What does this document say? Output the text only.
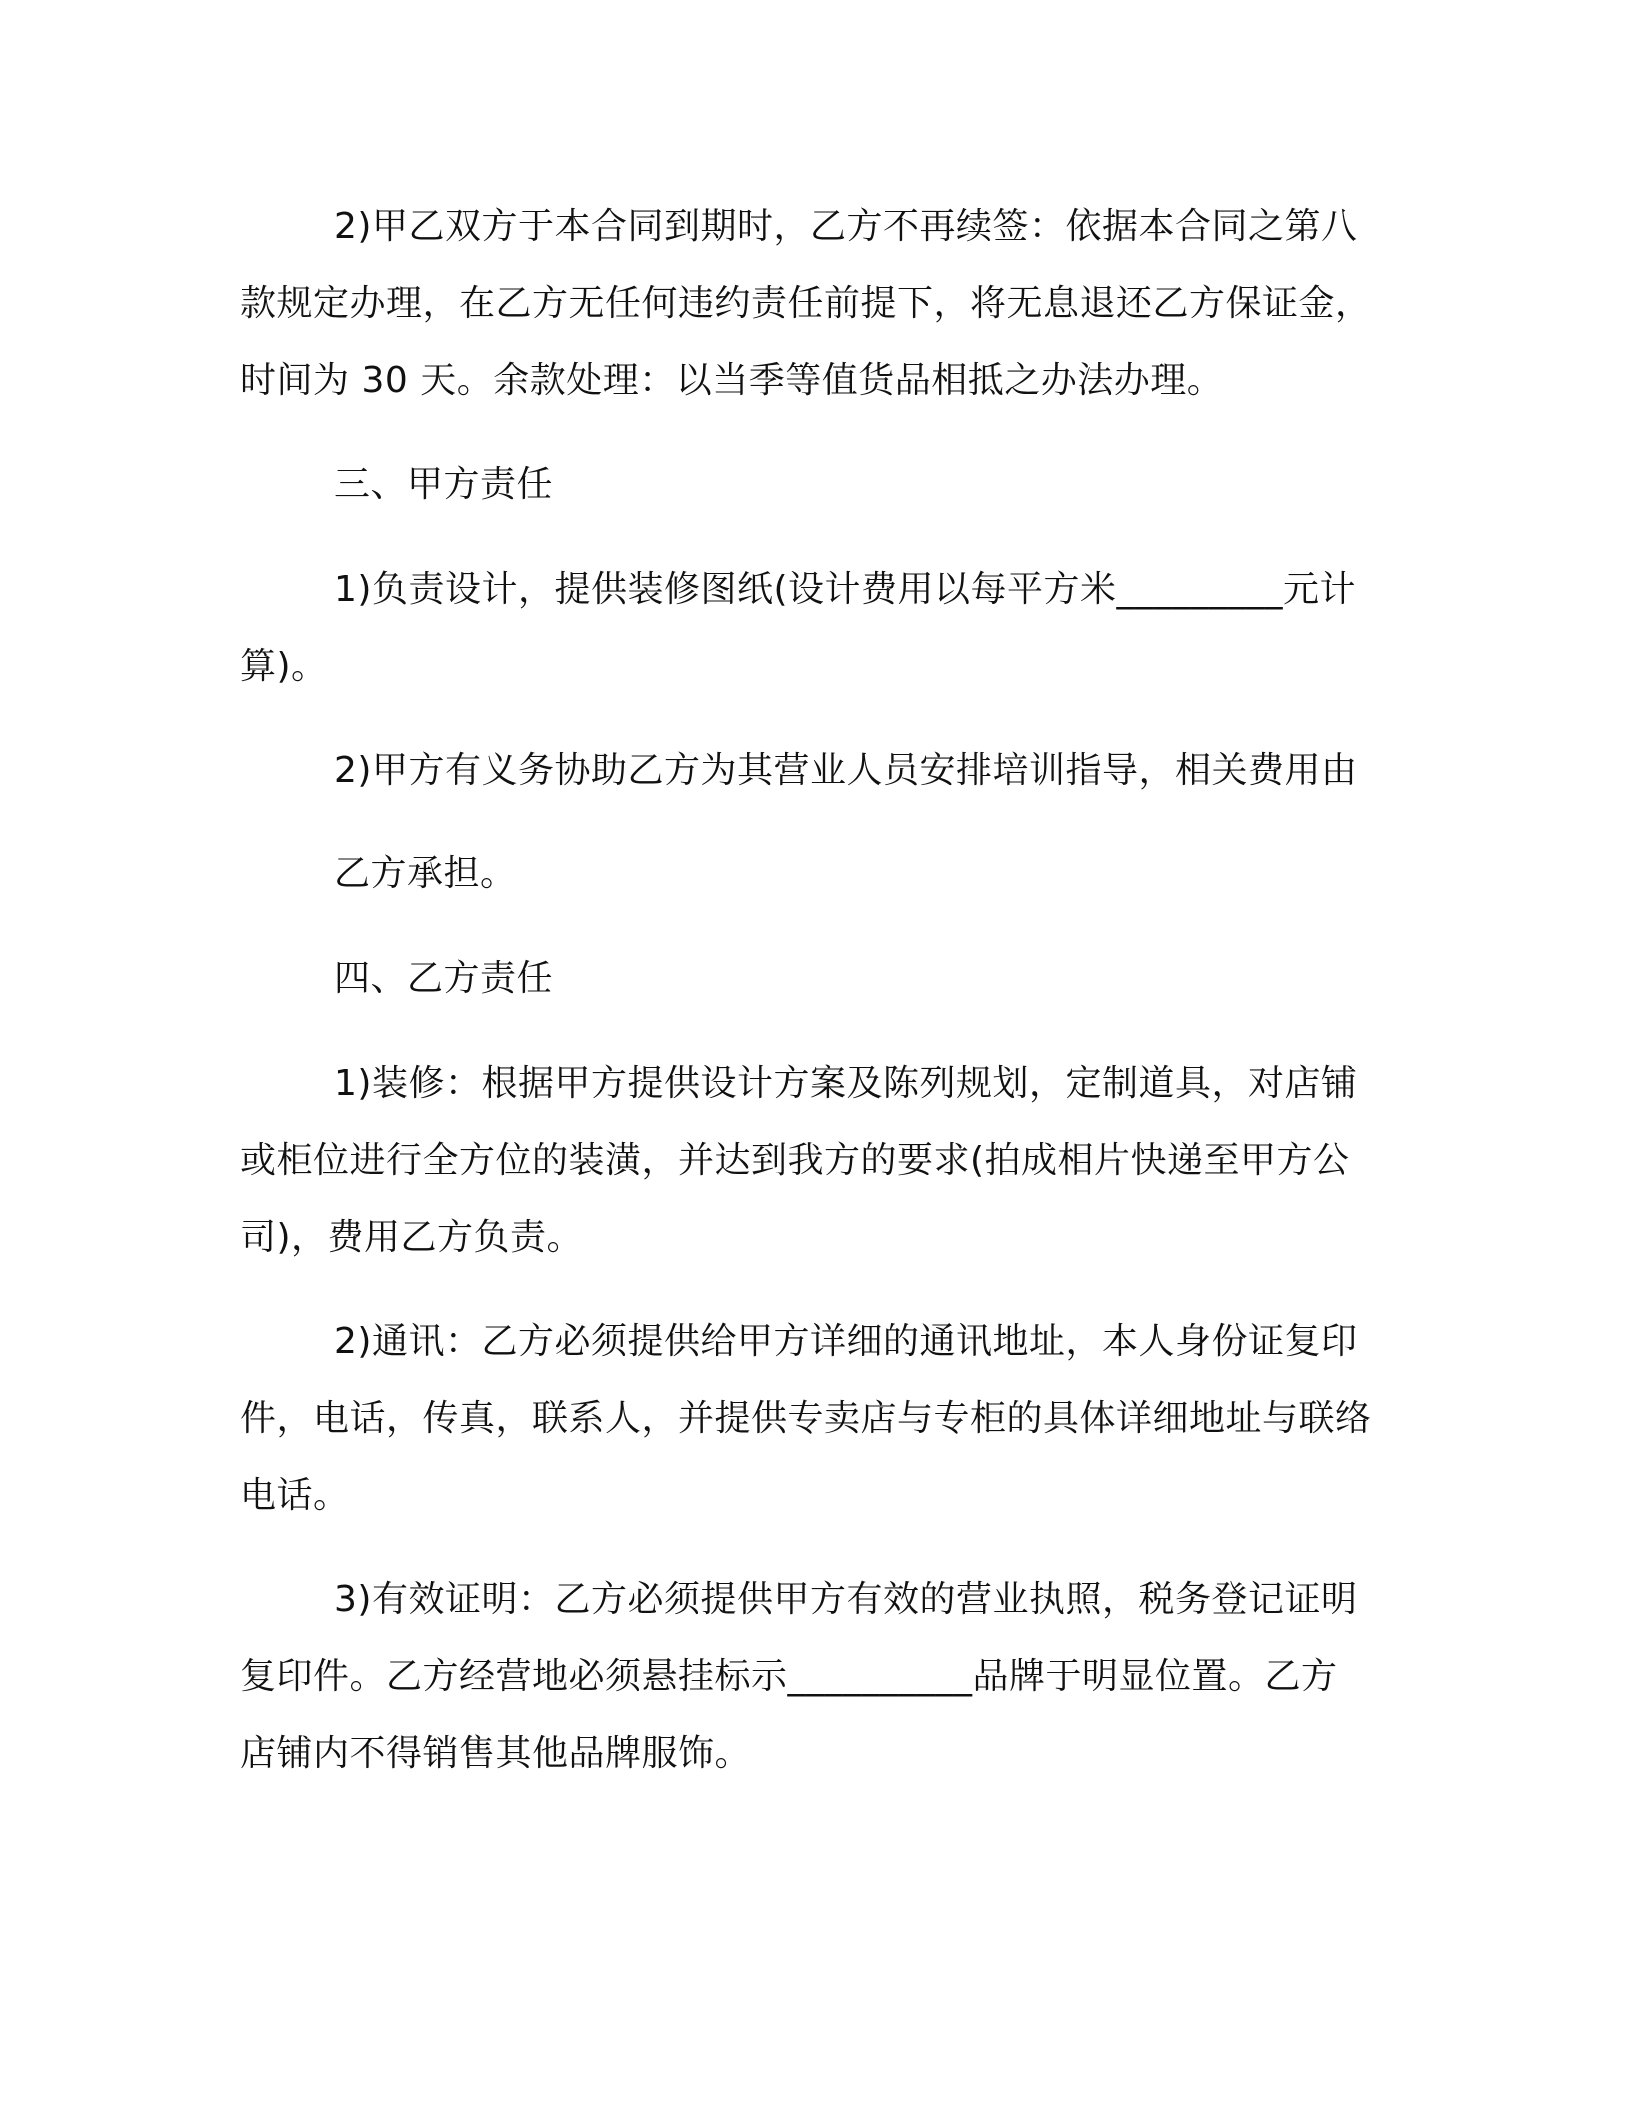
2)甲乙双方于本合同到期时，乙方不再续签：依据本合同之第八款规定办理，在乙方无任何违约责任前提下，将无息退还乙方保证金，时间为 30 天。余款处理：以当季等值货品相抵之办法办理。

三、甲方责任

1)负责设计，提供装修图纸(设计费用以每平方米_________元计算)。

2)甲方有义务协助乙方为其营业人员安排培训指导，相关费用由

乙方承担。

四、乙方责任

1)装修：根据甲方提供设计方案及陈列规划，定制道具，对店铺或柜位进行全方位的装潢，并达到我方的要求(拍成相片快递至甲方公司)，费用乙方负责。

2)通讯：乙方必须提供给甲方详细的通讯地址，本人身份证复印件，电话，传真，联系人，并提供专卖店与专柜的具体详细地址与联络电话。

3)有效证明：乙方必须提供甲方有效的营业执照，税务登记证明复印件。乙方经营地必须悬挂标示__________品牌于明显位置。乙方店铺内不得销售其他品牌服饰。
